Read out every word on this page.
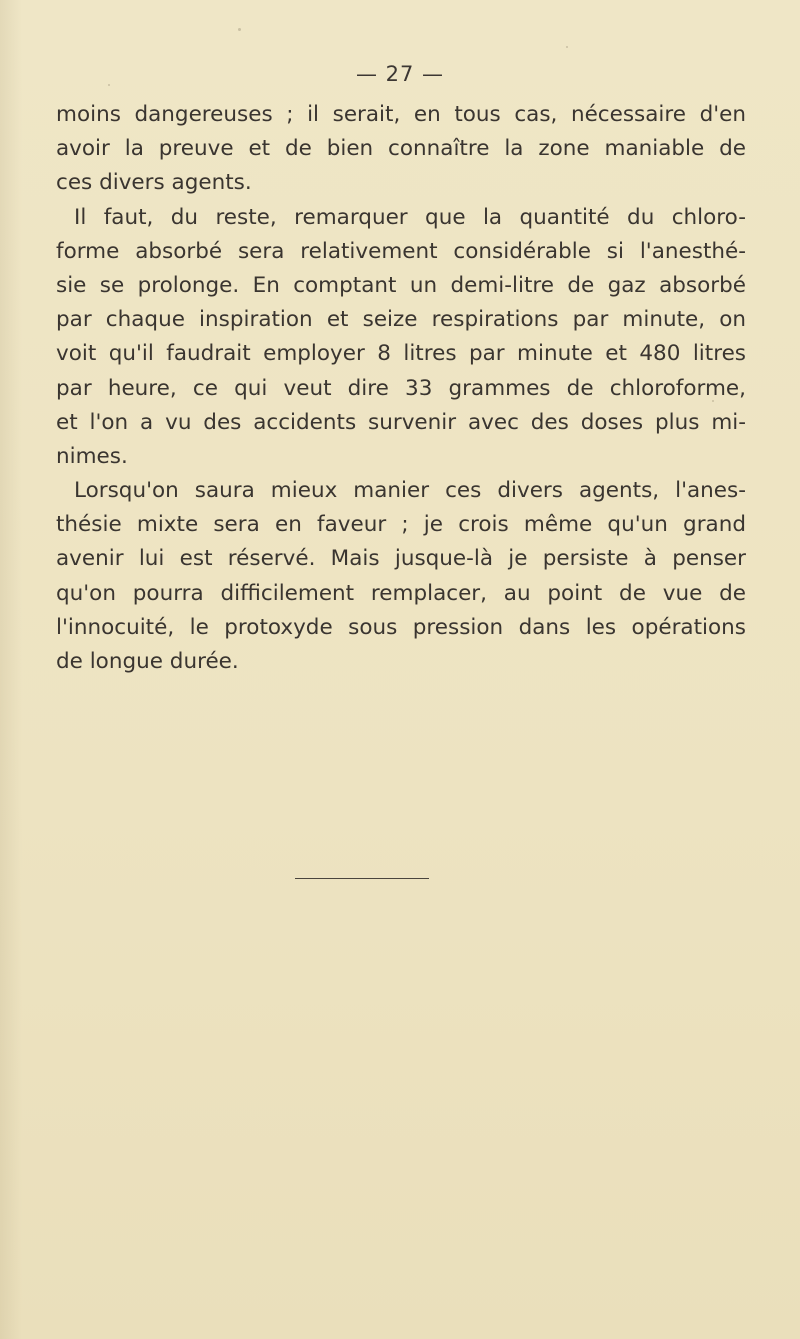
— 27 —
moins dangereuses ; il serait, en tous cas, nécessaire d'en
avoir la preuve et de bien connaître la zone maniable de
ces divers agents.
Il faut, du reste, remarquer que la quantité du chloro-
forme absorbé sera relativement considérable si l'anesthé-
sie se prolonge. En comptant un demi-litre de gaz absorbé
par chaque inspiration et seize respirations par minute, on
voit qu'il faudrait employer 8 litres par minute et 480 litres
par heure, ce qui veut dire 33 grammes de chloroforme,
et l'on a vu des accidents survenir avec des doses plus mi-
nimes.
Lorsqu'on saura mieux manier ces divers agents, l'anes-
thésie mixte sera en faveur ; je crois même qu'un grand
avenir lui est réservé. Mais jusque-là je persiste à penser
qu'on pourra difficilement remplacer, au point de vue de
l'innocuité, le protoxyde sous pression dans les opérations
de longue durée.
